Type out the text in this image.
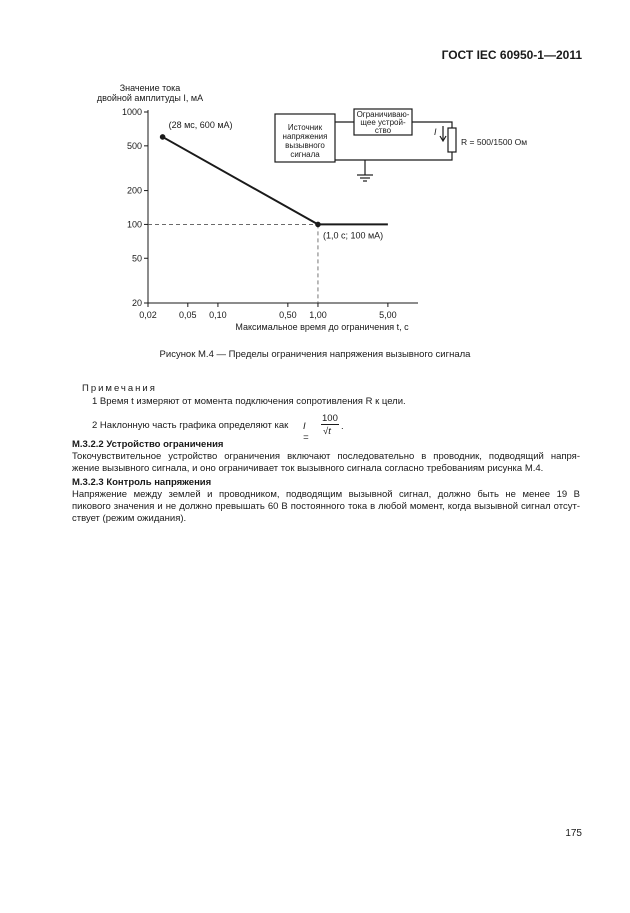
ГОСТ IEC 60950-1—2011
Значение тока
двойной амплитуды I, мА
20
50
100
200
500
1000
0,02 0,05 0,10	0,50 1,00	5,00
(28 мс, 600 мА)
(1,0 с; 100 мА)
Максимальное время до ограничения t, с
Источник
напряжения
вызывного
сигнала
Ограничиваю-
щее устрой-
ство	I
R = 500/1500 Ом
Рисунок М.4 — Пределы ограничения напряжения вызывного сигнала
Примечания
1 Время t измеряют от момента подключения сопротивления R к цели.
2 Наклонную часть графика определяют как I =
100
√t .
М.3.2.2 Устройство ограничения
Токочувствительное устройство ограничения включают последовательно в проводник, подводящий напря-
жение вызывного сигнала, и оно ограничивает ток вызывного сигнала согласно требованиям рисунка М.4.
М.3.2.3 Контроль напряжения
Напряжение между землей и проводником, подводящим вызывной сигнал, должно быть не менее 19 В
пикового значения и не должно превышать 60 В постоянного тока в любой момент, когда вызывной сигнал отсут-
ствует (режим ожидания).
175
